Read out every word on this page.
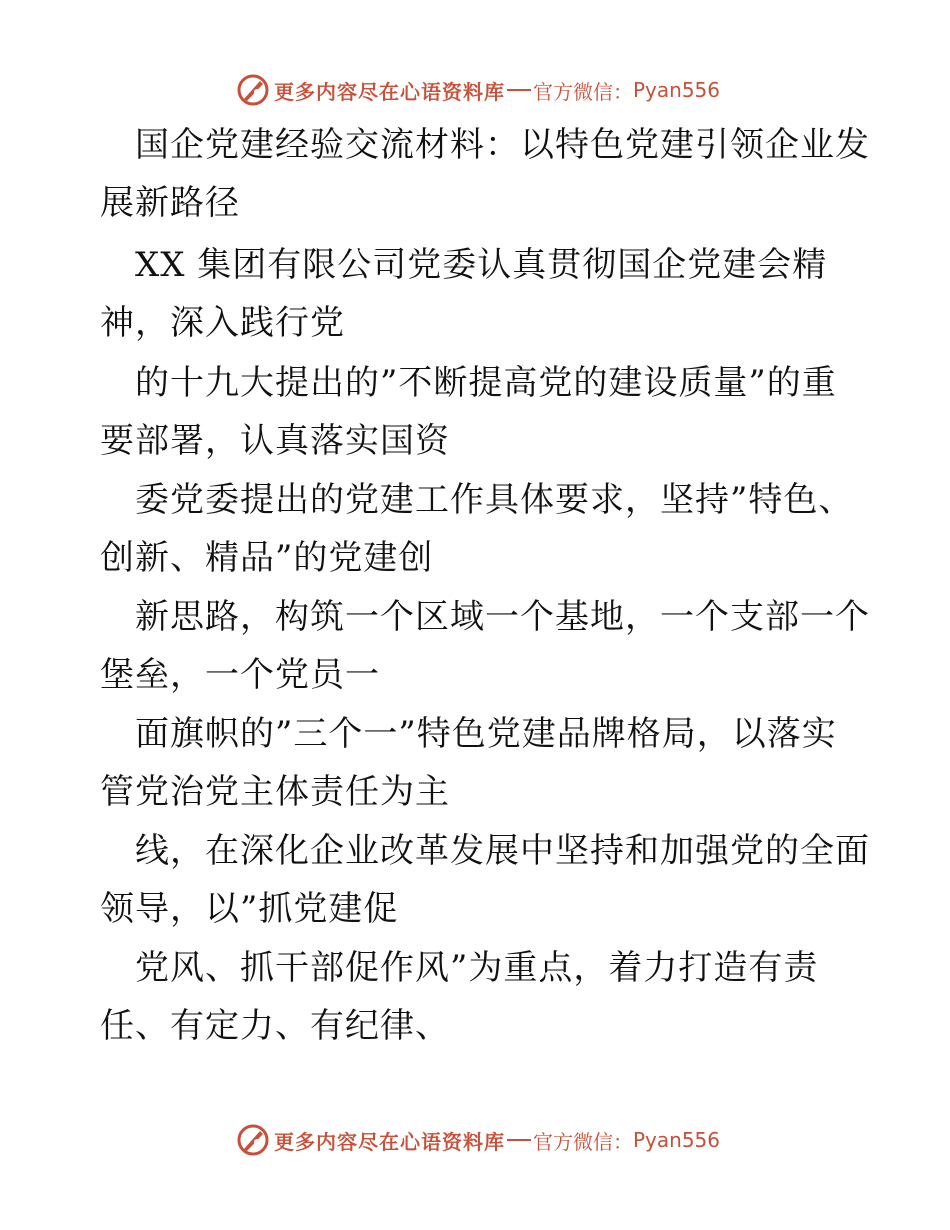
更多内容尽在心语资料库 官方微信： Pyan556
国企党建经验交流材料：以特色党建引领企业发
展新路径
XX 集团有限公司党委认真贯彻国企党建会精
神，深入践行党
的十九大提出的”不断提高党的建设质量”的重
要部署，认真落实国资
委党委提出的党建工作具体要求，坚持”特色、
创新、精品”的党建创
新思路，构筑一个区域一个基地，一个支部一个
堡垒，一个党员一
面旗帜的”三个一”特色党建品牌格局，以落实
管党治党主体责任为主
线，在深化企业改革发展中坚持和加强党的全面
领导，以”抓党建促
党风、抓干部促作风”为重点，着力打造有责
任、有定力、有纪律、
更多内容尽在心语资料库 官方微信： Pyan556
